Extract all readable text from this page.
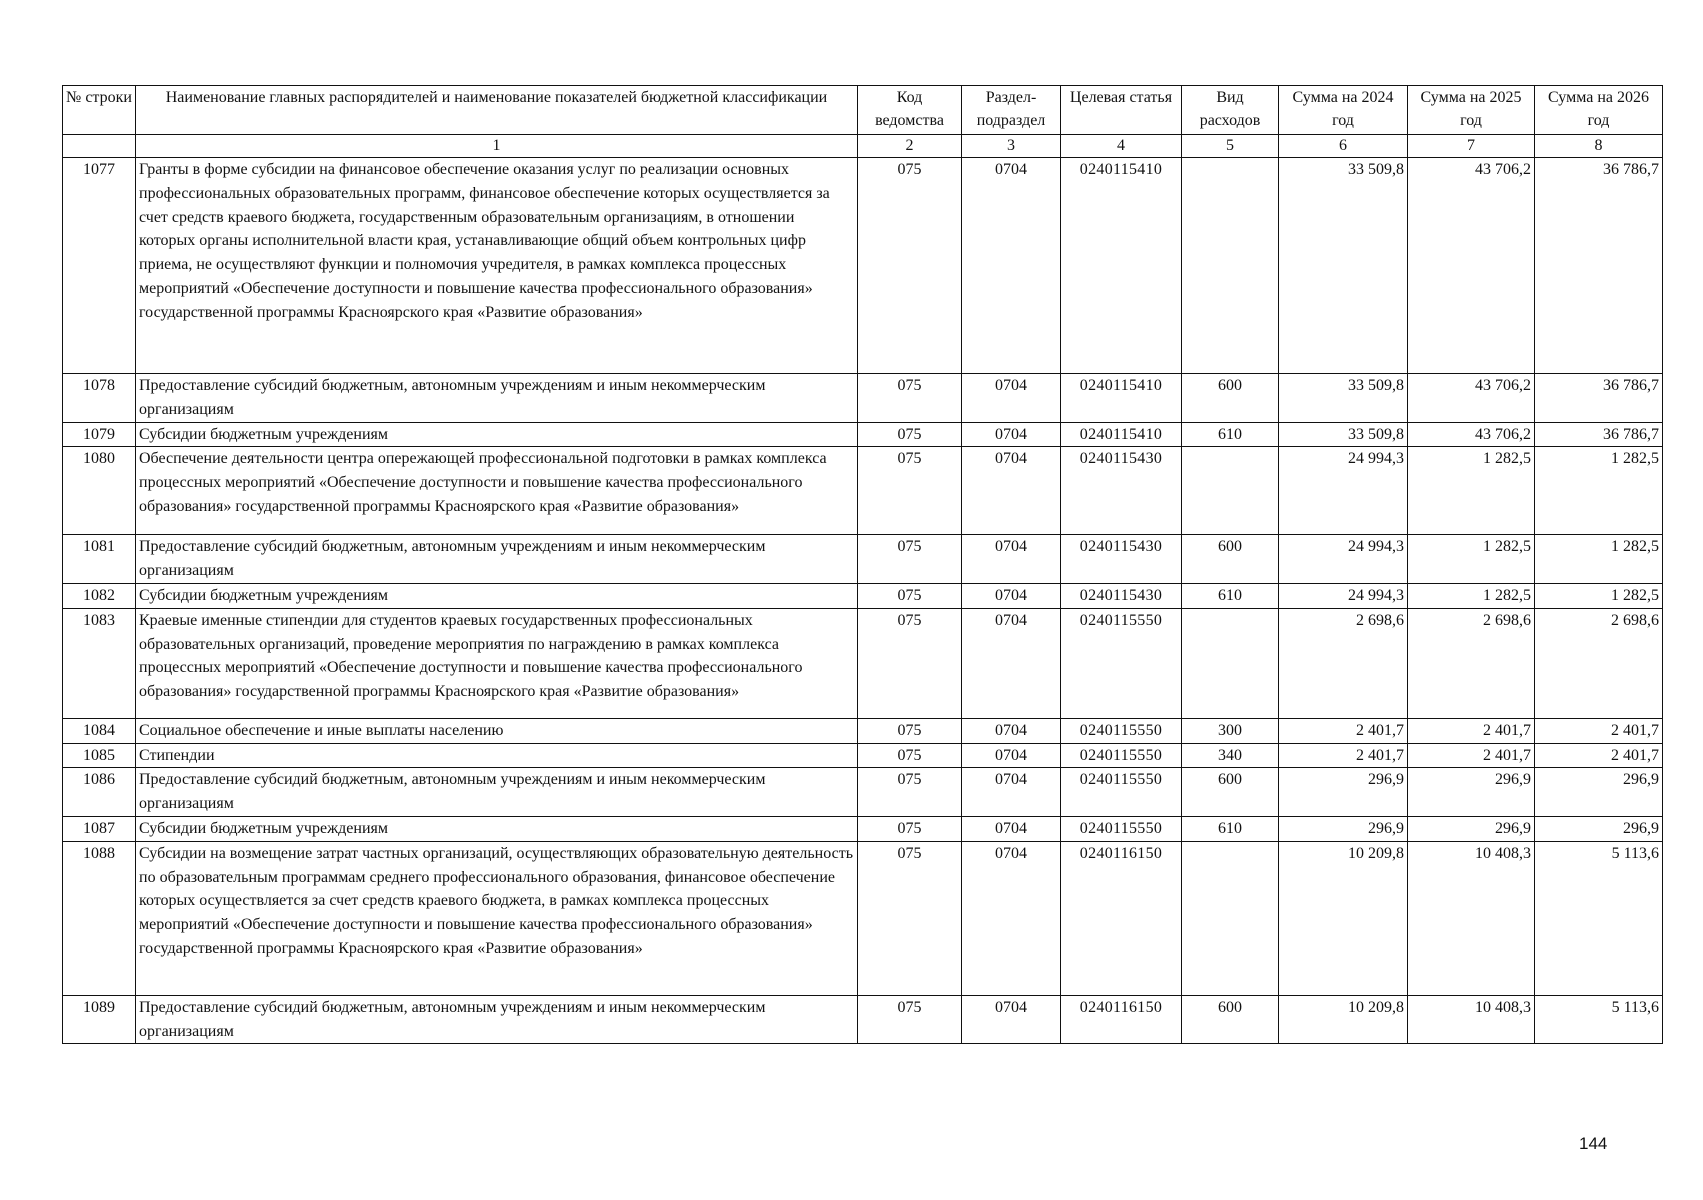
№ строки	Наименование главных распорядителей и наименование показателей бюджетной классификации	Код ведомства	Раздел-подраздел	Целевая статья	Вид расходов	Сумма на 2024 год	Сумма на 2025 год	Сумма на 2026 год
	1	2	3	4	5	6	7	8
1077	Гранты в форме субсидии на финансовое обеспечение оказания услуг по реализации основных профессиональных образовательных программ, финансовое обеспечение которых осуществляется за счет средств краевого бюджета, государственным образовательным организациям, в отношении которых органы исполнительной власти края, устанавливающие общий объем контрольных цифр приема, не осуществляют функции и полномочия учредителя, в рамках комплекса процессных мероприятий «Обеспечение доступности и повышение качества профессионального образования» государственной программы Красноярского края «Развитие образования»	075	0704	0240115410		33 509,8	43 706,2	36 786,7
1078	Предоставление субсидий бюджетным, автономным учреждениям и иным некоммерческим организациям	075	0704	0240115410	600	33 509,8	43 706,2	36 786,7
1079	Субсидии бюджетным учреждениям	075	0704	0240115410	610	33 509,8	43 706,2	36 786,7
1080	Обеспечение деятельности центра опережающей профессиональной подготовки в рамках комплекса процессных мероприятий «Обеспечение доступности и повышение качества профессионального образования» государственной программы Красноярского края «Развитие образования»	075	0704	0240115430		24 994,3	1 282,5	1 282,5
1081	Предоставление субсидий бюджетным, автономным учреждениям и иным некоммерческим организациям	075	0704	0240115430	600	24 994,3	1 282,5	1 282,5
1082	Субсидии бюджетным учреждениям	075	0704	0240115430	610	24 994,3	1 282,5	1 282,5
1083	Краевые именные стипендии для студентов краевых государственных профессиональных образовательных организаций, проведение мероприятия по награждению в рамках комплекса процессных мероприятий «Обеспечение доступности и повышение качества профессионального образования» государственной программы Красноярского края «Развитие образования»	075	0704	0240115550		2 698,6	2 698,6	2 698,6
1084	Социальное обеспечение и иные выплаты населению	075	0704	0240115550	300	2 401,7	2 401,7	2 401,7
1085	Стипендии	075	0704	0240115550	340	2 401,7	2 401,7	2 401,7
1086	Предоставление субсидий бюджетным, автономным учреждениям и иным некоммерческим организациям	075	0704	0240115550	600	296,9	296,9	296,9
1087	Субсидии бюджетным учреждениям	075	0704	0240115550	610	296,9	296,9	296,9
1088	Субсидии на возмещение затрат частных организаций, осуществляющих образовательную деятельность по образовательным программам среднего профессионального образования, финансовое обеспечение которых осуществляется за счет средств краевого бюджета, в рамках комплекса процессных мероприятий «Обеспечение доступности и повышение качества профессионального образования» государственной программы Красноярского края «Развитие образования»	075	0704	0240116150		10 209,8	10 408,3	5 113,6
1089	Предоставление субсидий бюджетным, автономным учреждениям и иным некоммерческим организациям	075	0704	0240116150	600	10 209,8	10 408,3	5 113,6
144
